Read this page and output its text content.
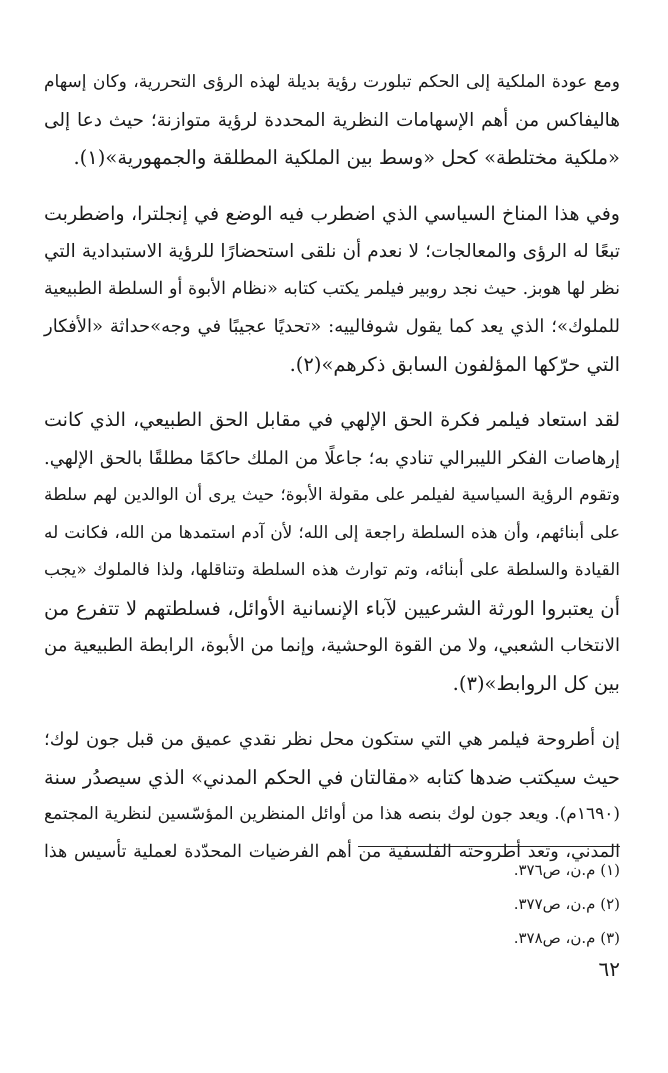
ومع عودة الملكية إلى الحكم تبلورت رؤية بديلة لهذه الرؤى التحررية، وكان إسهام
هاليفاكس من أهم الإسهامات النظرية المحددة لرؤية متوازنة؛ حيث دعا إلى
«ملكية مختلطة» كحل «وسط بين الملكية المطلقة والجمهورية»(١).

وفي هذا المناخ السياسي الذي اضطرب فيه الوضع في إنجلترا، واضطربت
تبعًا له الرؤى والمعالجات؛ لا نعدم أن نلقى استحضارًا للرؤية الاستبدادية التي
نظر لها هوبز. حيث نجد روبير فيلمر يكتب كتابه «نظام الأبوة أو السلطة الطبيعية
للملوك»؛ الذي يعد كما يقول شوفالييه: «تحديًا عجيبًا في وجه»حداثة «الأفكار
التي حرّكها المؤلفون السابق ذكرهم»(٢).

لقد استعاد فيلمر فكرة الحق الإلهي في مقابل الحق الطبيعي، الذي كانت
إرهاصات الفكر الليبرالي تنادي به؛ جاعلًا من الملك حاكمًا مطلقًا بالحق الإلهي.
وتقوم الرؤية السياسية لفيلمر على مقولة الأبوة؛ حيث يرى أن الوالدين لهم سلطة
على أبنائهم، وأن هذه السلطة راجعة إلى الله؛ لأن آدم استمدها من الله، فكانت له
القيادة والسلطة على أبنائه، وتم توارث هذه السلطة وتناقلها، ولذا فالملوك «يجب
أن يعتبروا الورثة الشرعيين لآباء الإنسانية الأوائل، فسلطتهم لا تتفرع من
الانتخاب الشعبي، ولا من القوة الوحشية، وإنما من الأبوة، الرابطة الطبيعية من
بين كل الروابط»(٣).

إن أطروحة فيلمر هي التي ستكون محل نظر نقدي عميق من قبل جون لوك؛
حيث سيكتب ضدها كتابه «مقالتان في الحكم المدني» الذي سيصدُر سنة
(١٦٩٠م). ويعد جون لوك بنصه هذا من أوائل المنظرين المؤسّسين لنظرية المجتمع
المدني، وتعد أطروحته الفلسفية من أهم الفرضيات المحدّدة لعملية تأسيس هذا

(١) م.ن، ص٣٧٦.
(٢) م.ن، ص٣٧٧.
(٣) م.ن، ص٣٧٨.
٦٢
